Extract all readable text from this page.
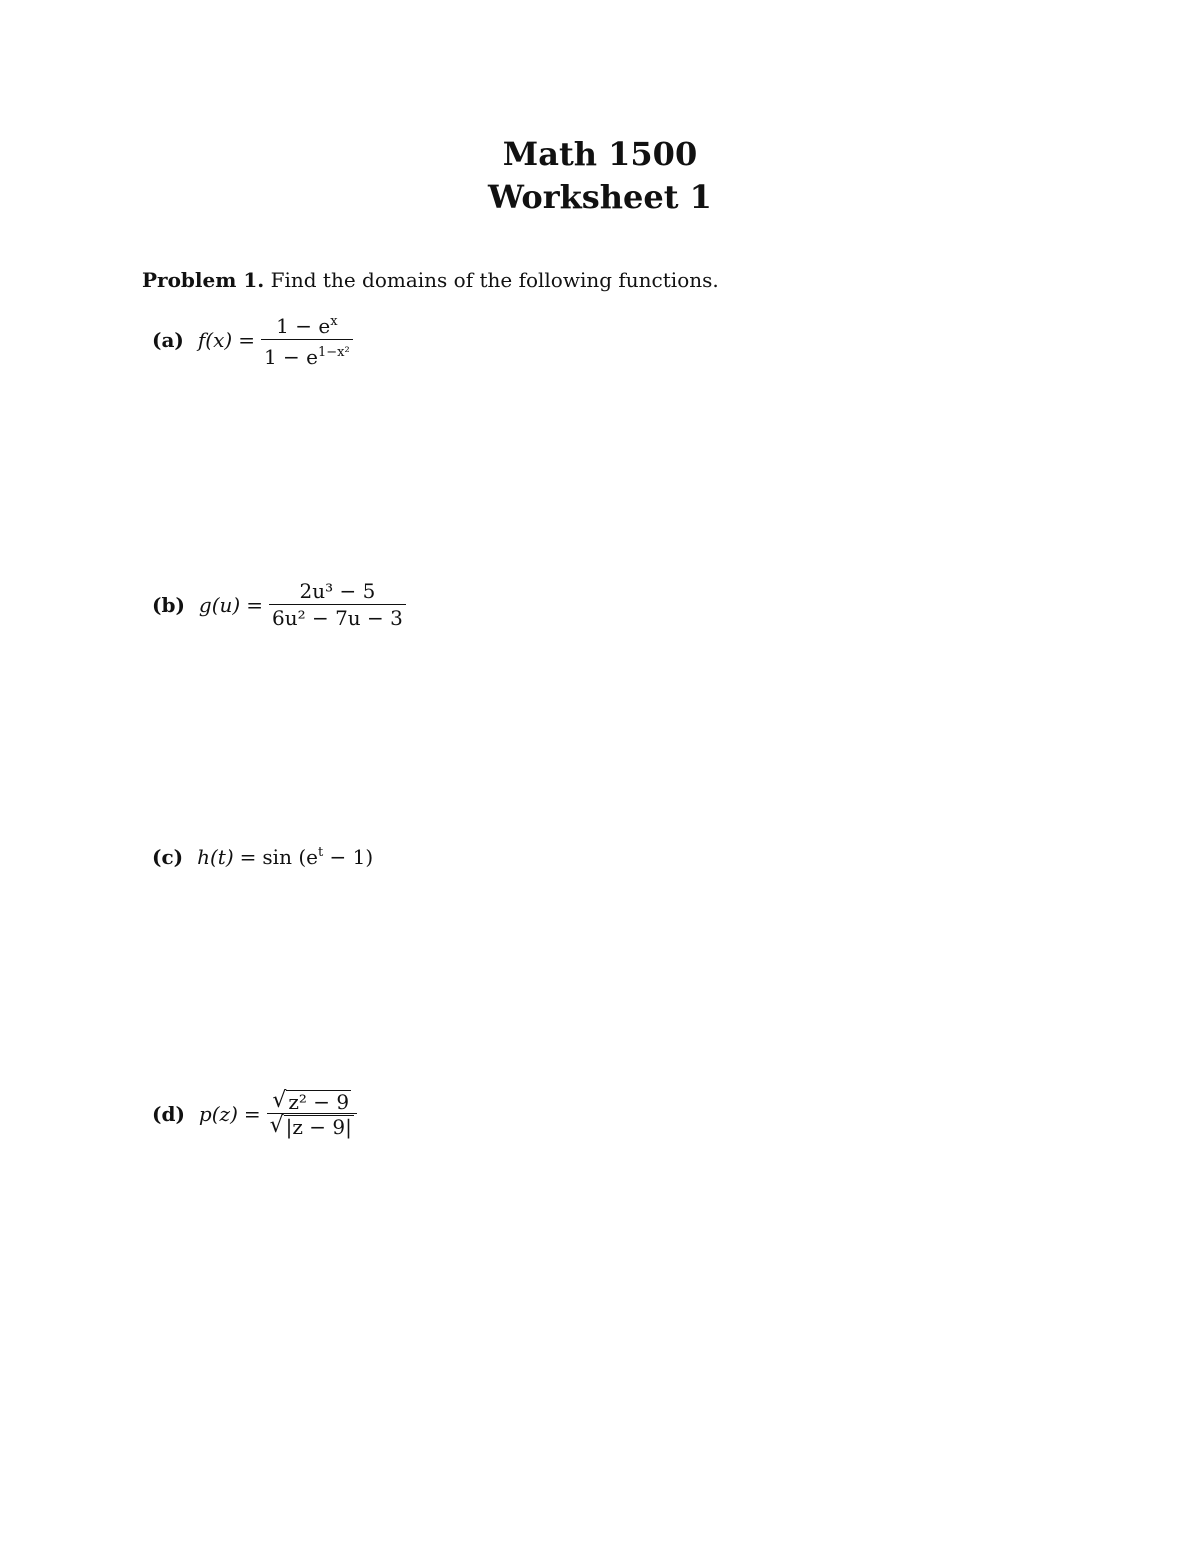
Math 1500
Worksheet 1
Problem 1. Find the domains of the following functions.
(a) $f(x) = \frac{1 - e^x}{1 - e^{1-x^2}}$
(b) $g(u) = \frac{\text{2u³ − 5}}{\text{6u² − 7u − 3}}$
(c) $h(t) = \sin (e^t - 1)$
(d) $p(z) = \frac{\text{√ z² − 9}}{√ |z - 9|}$
